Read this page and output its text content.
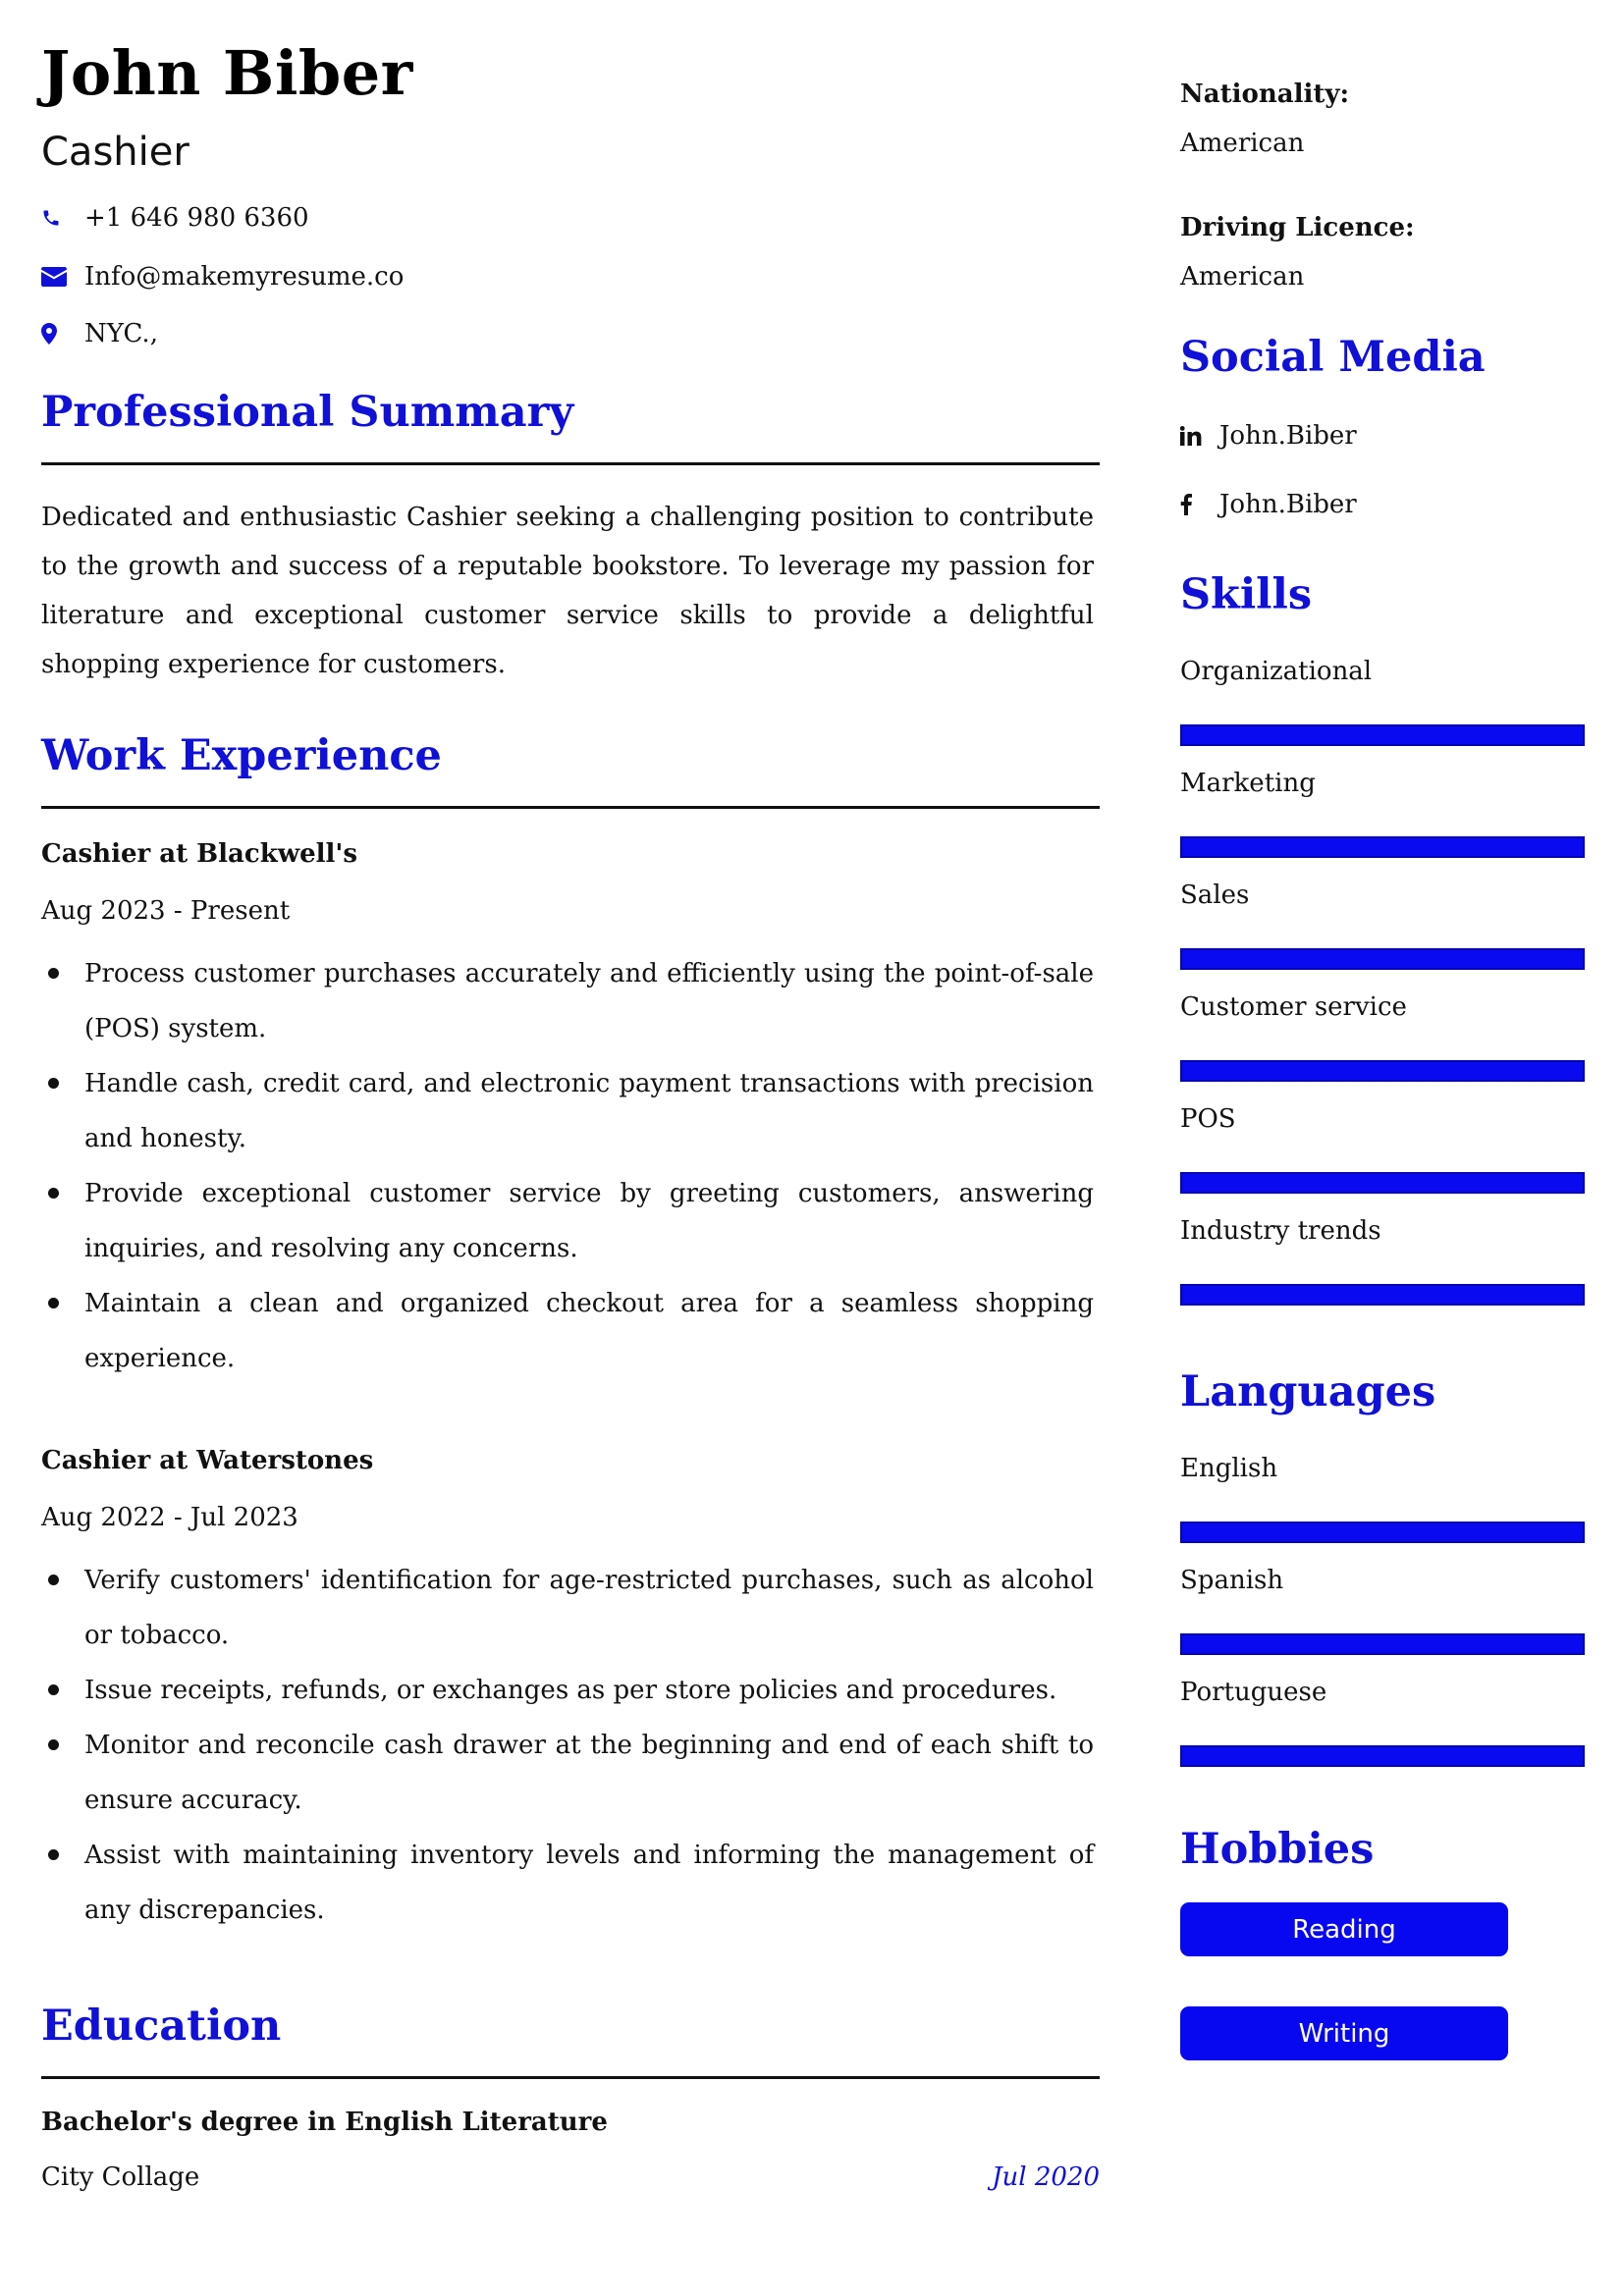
John Biber
Cashier
+1 646 980 6360
Info@makemyresume.co
NYC.,
Professional Summary

Dedicated and enthusiastic Cashier seeking a challenging position to contribute to the growth and success of a reputable bookstore. To leverage my passion for literature and exceptional customer service skills to provide a delightful shopping experience for customers.

Work Experience
Cashier at Blackwell's
Aug 2023 - Present
Process customer purchases accurately and efficiently using the point-of-sale (POS) system.
Handle cash, credit card, and electronic payment transactions with precision and honesty.
Provide exceptional customer service by greeting customers, answering inquiries, and resolving any concerns.
Maintain a clean and organized checkout area for a seamless shopping experience.
Cashier at Waterstones
Aug 2022 - Jul 2023
Verify customers' identification for age-restricted purchases, such as alcohol or tobacco.
Issue receipts, refunds, or exchanges as per store policies and procedures.
Monitor and reconcile cash drawer at the beginning and end of each shift to ensure accuracy.
Assist with maintaining inventory levels and informing the management of any discrepancies.
Education
Bachelor's degree in English Literature
City Collage	Jul 2020
Nationality:
American
Driving Licence:
American
Social Media
John.Biber
John.Biber
Skills
Organizational
Marketing
Sales
Customer service
POS
Industry trends
Languages
English
Spanish
Portuguese
Hobbies
Reading
Writing
